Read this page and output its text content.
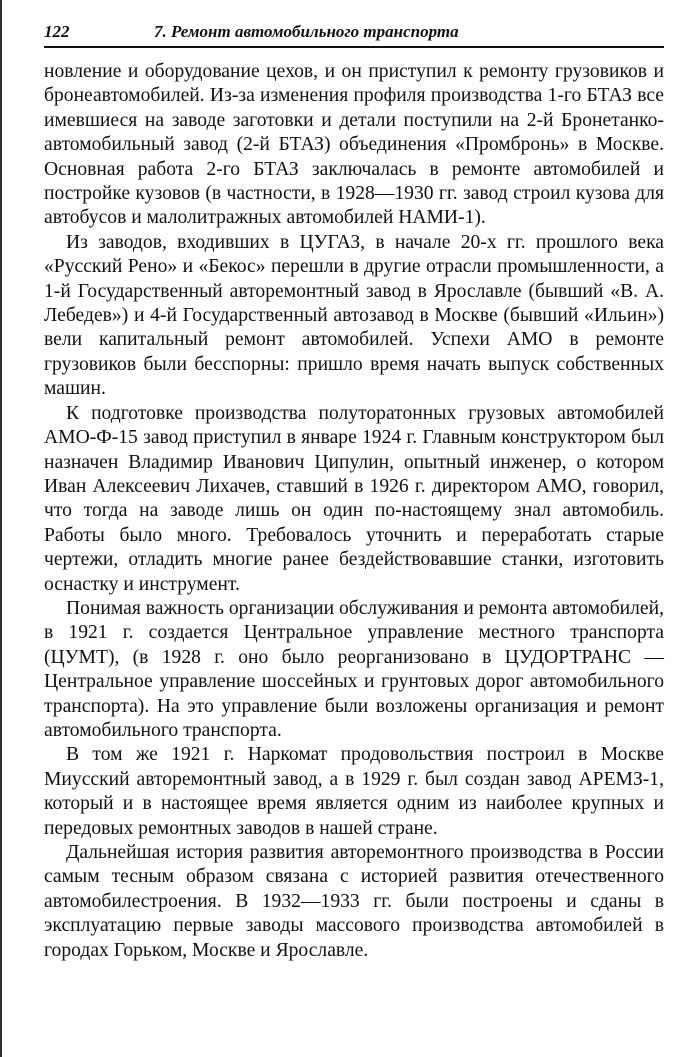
122	7. Ремонт автомобильного транспорта

новление и оборудование цехов, и он приступил к ремонту грузовиков и бронеавтомобилей. Из-за изменения профиля производства 1-го БТАЗ все имевшиеся на заводе заготовки и детали поступили на 2-й Бронетанко-автомобильный завод (2-й БТАЗ) объединения «Промбронь» в Москве. Основная работа 2-го БТАЗ заключалась в ремонте автомобилей и постройке кузовов (в частности, в 1928—1930 гг. завод строил кузова для автобусов и малолитражных автомобилей НАМИ-1).

Из заводов, входивших в ЦУГАЗ, в начале 20-х гг. прошлого века «Русский Рено» и «Бекос» перешли в другие отрасли промышленности, а 1-й Государственный авторемонтный завод в Ярославле (бывший «В. А. Лебедев») и 4-й Государственный автозавод в Москве (бывший «Ильин») вели капитальный ремонт автомобилей. Успехи АМО в ремонте грузовиков были бесспорны: пришло время начать выпуск собственных машин.

К подготовке производства полуторатонных грузовых автомобилей АМО-Ф-15 завод приступил в январе 1924 г. Главным конструктором был назначен Владимир Иванович Ципулин, опытный инженер, о котором Иван Алексеевич Лихачев, ставший в 1926 г. директором АМО, говорил, что тогда на заводе лишь он один по-настоящему знал автомобиль. Работы было много. Требовалось уточнить и переработать старые чертежи, отладить многие ранее бездействовавшие станки, изготовить оснастку и инструмент.

Понимая важность организации обслуживания и ремонта автомобилей, в 1921 г. создается Центральное управление местного транспорта (ЦУМТ), (в 1928 г. оно было реорганизовано в ЦУДОРТРАНС — Центральное управление шоссейных и грунтовых дорог автомобильного транспорта). На это управление были возложены организация и ремонт автомобильного транспорта.

В том же 1921 г. Наркомат продовольствия построил в Москве Миусский авторемонтный завод, а в 1929 г. был создан завод АРЕМЗ-1, который и в настоящее время является одним из наиболее крупных и передовых ремонтных заводов в нашей стране.

Дальнейшая история развития авторемонтного производства в России самым тесным образом связана с историей развития отечественного автомобилестроения. В 1932—1933 гг. были построены и сданы в эксплуатацию первые заводы массового производства автомобилей в городах Горьком, Москве и Ярославле.
